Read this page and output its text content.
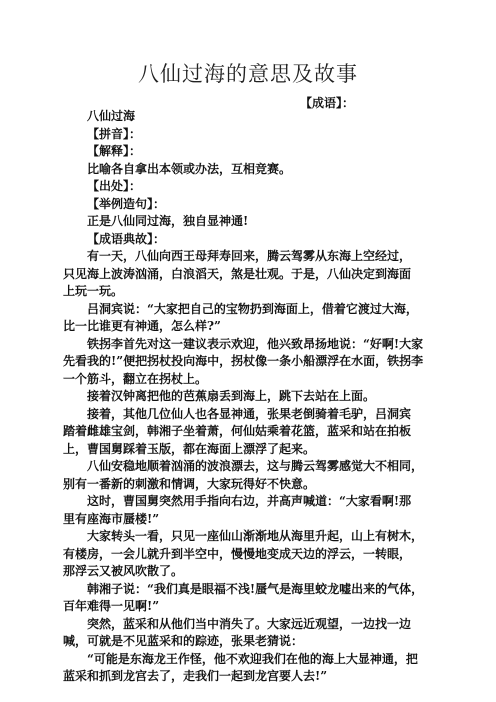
八仙过海的意思及故事
【成语】：

八仙过海

【拼音】：

【解释】：

比喻各自拿出本领或办法，互相竞赛。

【出处】：

【举例造句】：

正是八仙同过海，独自显神通!

【成语典故】：

有一天，八仙向西王母拜寿回来，腾云驾雾从东海上空经过，

只见海上波涛汹涌，白浪滔天，煞是壮观。于是，八仙决定到海面

上玩一玩。

吕洞宾说：“大家把自己的宝物扔到海面上，借着它渡过大海，

比一比谁更有神通，怎么样?”

铁拐李首先对这一建议表示欢迎，他兴致昂扬地说：“好啊!大家

先看我的!”便把拐杖投向海中，拐杖像一条小船漂浮在水面，铁拐李

一个筋斗，翻立在拐杖上。

接着汉钟离把他的芭蕉扇丢到海上，跳下去站在上面。

接着，其他几位仙人也各显神通，张果老倒骑着毛驴，吕洞宾

踏着雌雄宝剑，韩湘子坐着萧，何仙姑乘着花篮，蓝采和站在拍板

上，曹国舅踩着玉版，都在海面上漂浮了起来。

八仙安稳地顺着汹涌的波浪漂去，这与腾云驾雾感觉大不相同，

别有一番新的刺激和情调，大家玩得好不快意。

这时，曹国舅突然用手指向右边，并高声喊道：“大家看啊!那

里有座海市蜃楼!”

大家转头一看，只见一座仙山渐渐地从海里升起，山上有树木，

有楼房，一会儿就升到半空中，慢慢地变成天边的浮云，一转眼，

那浮云又被风吹散了。

韩湘子说：“我们真是眼福不浅!蜃气是海里蛟龙嘘出来的气体，

百年难得一见啊!”

突然，蓝采和从他们当中消失了。大家远近观望，一边找一边

喊，可就是不见蓝采和的踪迹，张果老猜说：

“可能是东海龙王作怪，他不欢迎我们在他的海上大显神通，把

蓝采和抓到龙宫去了，走我们一起到龙宫要人去!”
